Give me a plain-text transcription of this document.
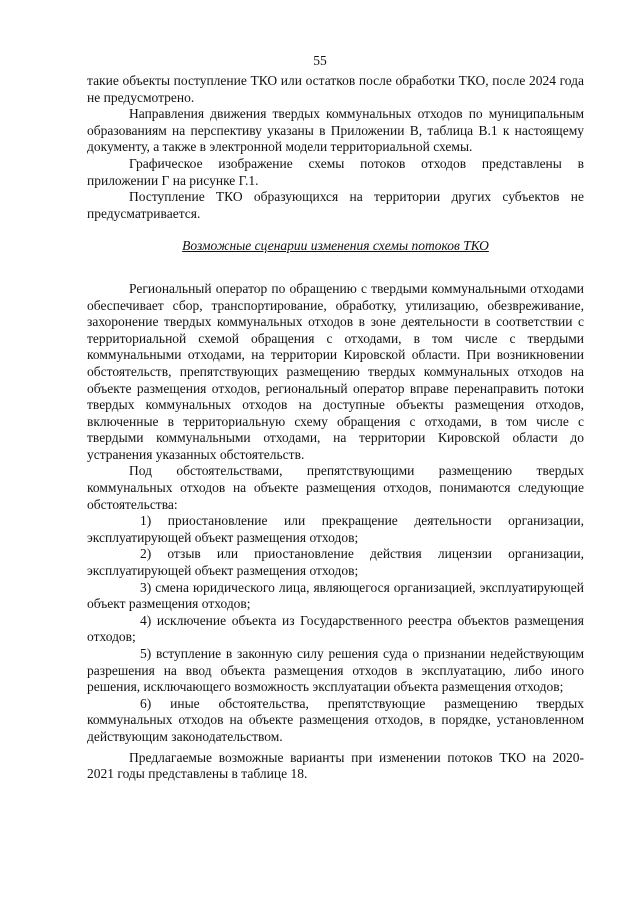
55

такие объекты поступление ТКО или остатков после обработки ТКО, после 2024 года не предусмотрено.

Направления движения твердых коммунальных отходов по муниципальным образованиям на перспективу указаны в Приложении В, таблица В.1 к настоящему документу, а также в электронной модели территориальной схемы.

Графическое изображение схемы потоков отходов представлены в приложении Г на рисунке Г.1.

Поступление ТКО образующихся на территории других субъектов не предусматривается.

Возможные сценарии изменения схемы потоков ТКО

Региональный оператор по обращению с твердыми коммунальными отходами обеспечивает сбор, транспортирование, обработку, утилизацию, обезвреживание, захоронение твердых коммунальных отходов в зоне деятельности в соответствии с территориальной схемой обращения с отходами, в том числе с твердыми коммунальными отходами, на территории Кировской области. При возникновении обстоятельств, препятствующих размещению твердых коммунальных отходов на объекте размещения отходов, региональный оператор вправе перенаправить потоки твердых коммунальных отходов на доступные объекты размещения отходов, включенные в территориальную схему обращения с отходами, в том числе с твердыми коммунальными отходами, на территории Кировской области до устранения указанных обстоятельств.

Под обстоятельствами, препятствующими размещению твердых коммунальных отходов на объекте размещения отходов, понимаются следующие обстоятельства:

1) приостановление или прекращение деятельности организации, эксплуатирующей объект размещения отходов;

2) отзыв или приостановление действия лицензии организации, эксплуатирующей объект размещения отходов;

3) смена юридического лица, являющегося организацией, эксплуатирующей объект размещения отходов;

4) исключение объекта из Государственного реестра объектов размещения отходов;

5) вступление в законную силу решения суда о признании недействующим разрешения на ввод объекта размещения отходов в эксплуатацию, либо иного решения, исключающего возможность эксплуатации объекта размещения отходов;

6) иные обстоятельства, препятствующие размещению твердых коммунальных отходов на объекте размещения отходов, в порядке, установленном действующим законодательством.

Предлагаемые возможные варианты при изменении потоков ТКО на 2020-2021 годы представлены в таблице 18.
